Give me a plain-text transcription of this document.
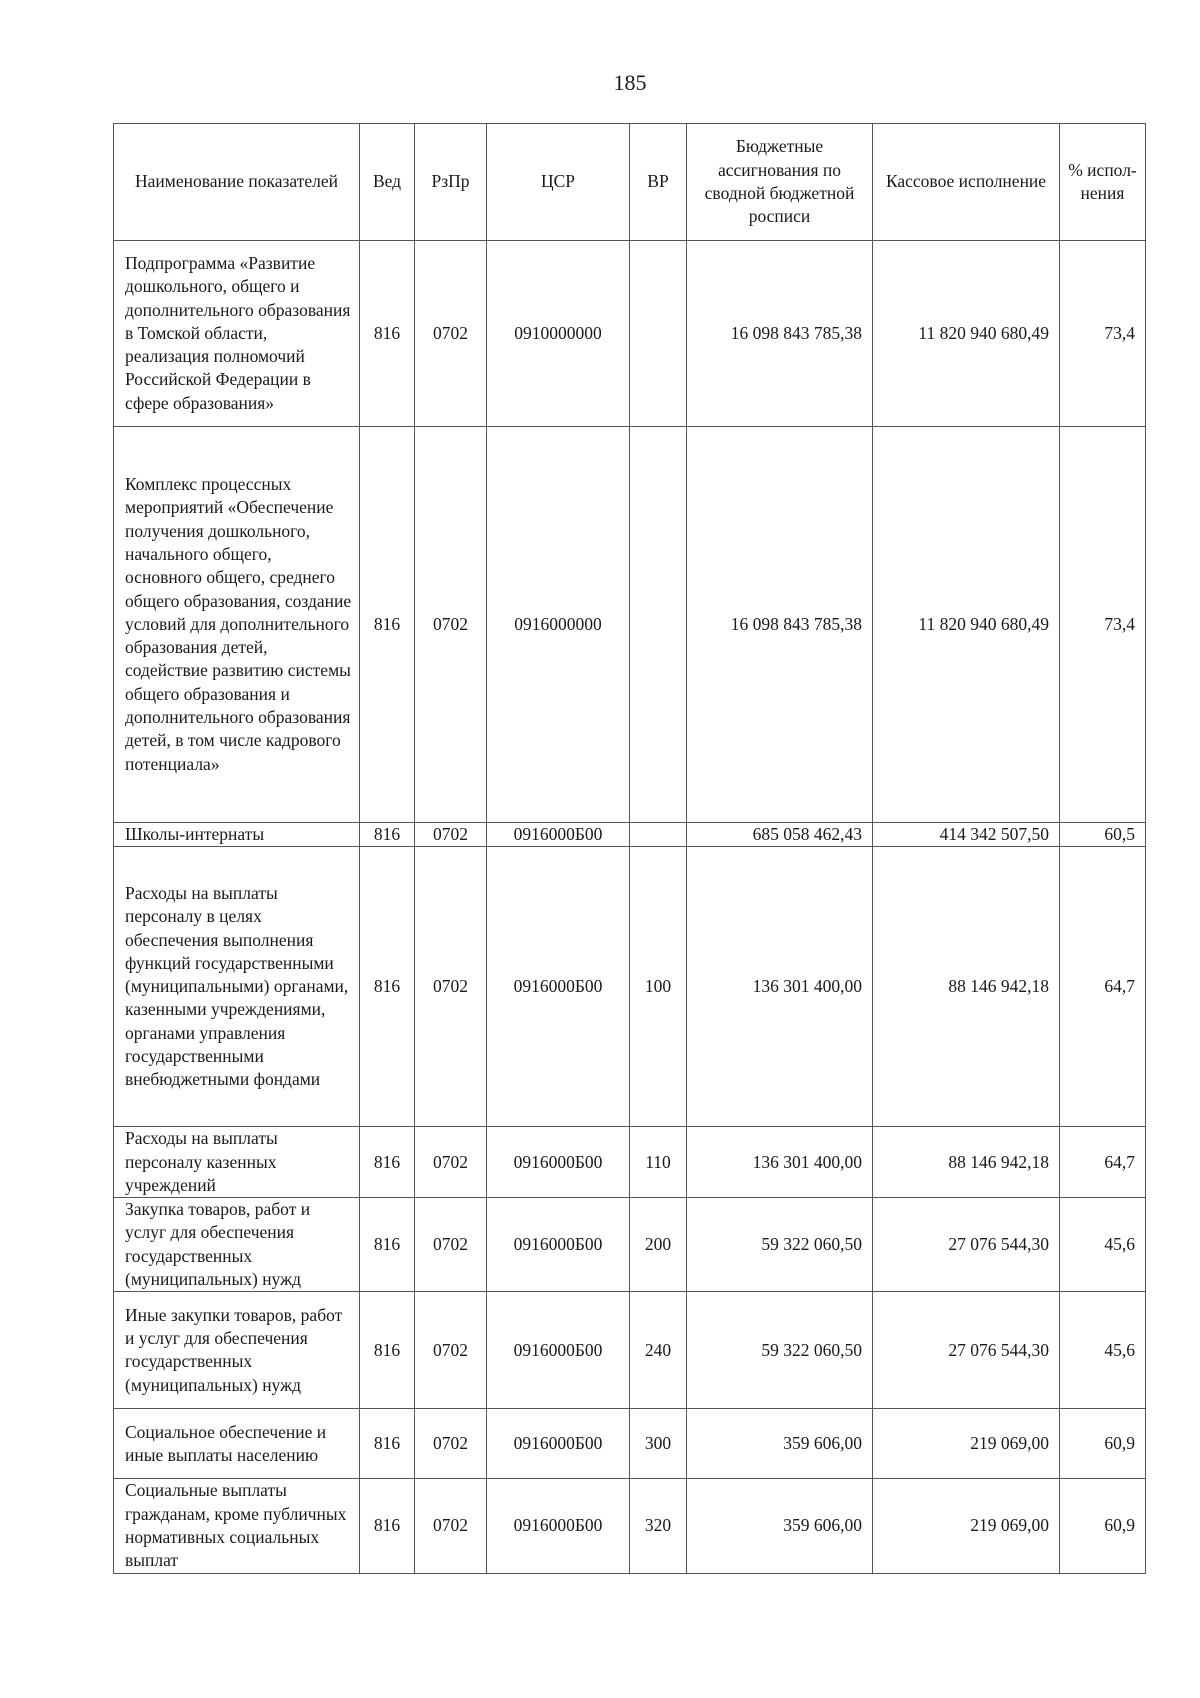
185
Наименование показателей	Вед	РзПр	ЦСР	ВР	Бюджетные ассигнования по сводной бюджетной росписи	Кассовое исполнение	% испол-нения
Подпрограмма «Развитие дошкольного, общего и дополнительного образования в Томской области, реализация полномочий Российской Федерации в сфере образования»	816	0702	0910000000		16 098 843 785,38	11 820 940 680,49	73,4
Комплекс процессных мероприятий «Обеспечение получения дошкольного, начального общего, основного общего, среднего общего образования, создание условий для дополнительного образования детей, содействие развитию системы общего образования и дополнительного образования детей, в том числе кадрового потенциала»	816	0702	0916000000		16 098 843 785,38	11 820 940 680,49	73,4
Школы-интернаты	816	0702	0916000Б00		685 058 462,43	414 342 507,50	60,5
Расходы на выплаты персоналу в целях обеспечения выполнения функций государственными (муниципальными) органами, казенными учреждениями, органами управления государственными внебюджетными фондами	816	0702	0916000Б00	100	136 301 400,00	88 146 942,18	64,7
Расходы на выплаты персоналу казенных учреждений	816	0702	0916000Б00	110	136 301 400,00	88 146 942,18	64,7
Закупка товаров, работ и услуг для обеспечения государственных (муниципальных) нужд	816	0702	0916000Б00	200	59 322 060,50	27 076 544,30	45,6
Иные закупки товаров, работ и услуг для обеспечения государственных (муниципальных) нужд	816	0702	0916000Б00	240	59 322 060,50	27 076 544,30	45,6
Социальное обеспечение и иные выплаты населению	816	0702	0916000Б00	300	359 606,00	219 069,00	60,9
Социальные выплаты гражданам, кроме публичных нормативных социальных выплат	816	0702	0916000Б00	320	359 606,00	219 069,00	60,9
